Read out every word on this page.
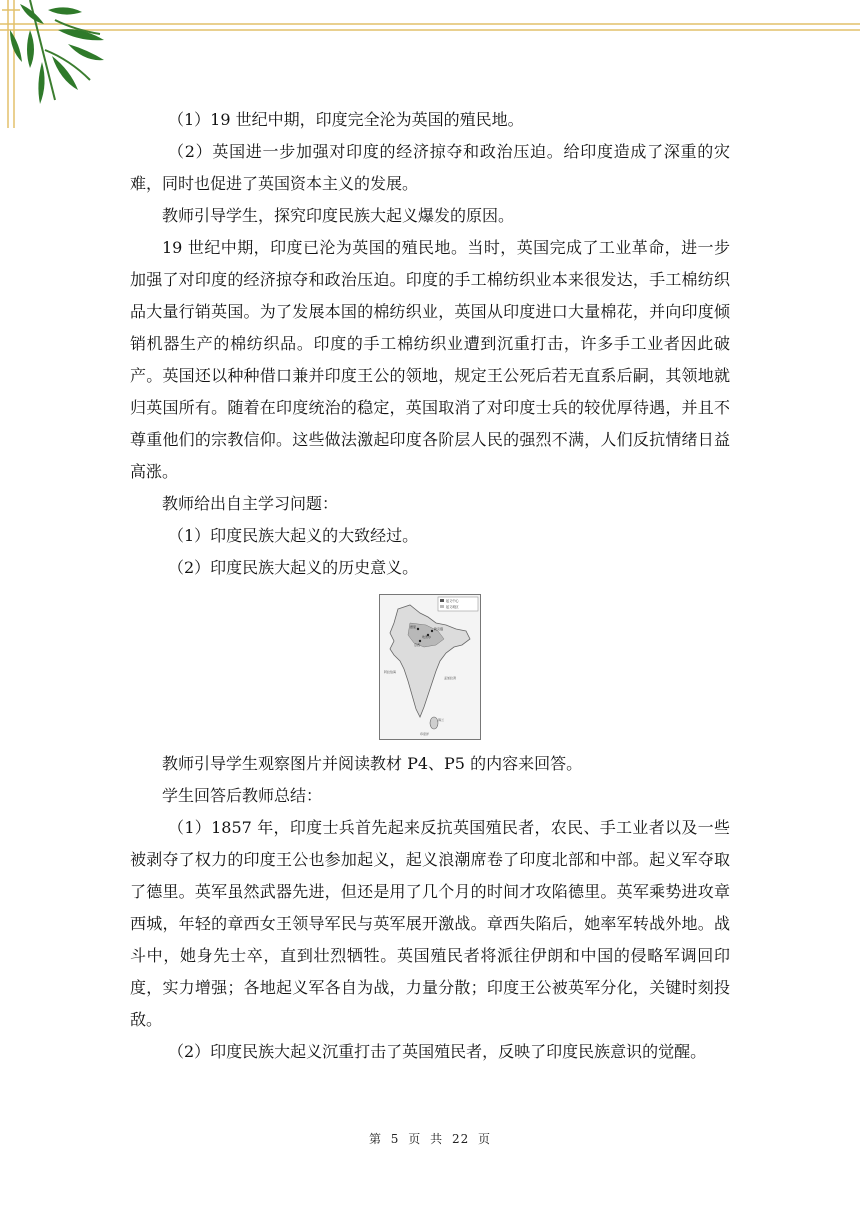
（1）19 世纪中期，印度完全沦为英国的殖民地。

（2）英国进一步加强对印度的经济掠夺和政治压迫。给印度造成了深重的灾难，同时也促进了英国资本主义的发展。

教师引导学生，探究印度民族大起义爆发的原因。

19 世纪中期，印度已沦为英国的殖民地。当时，英国完成了工业革命，进一步加强了对印度的经济掠夺和政治压迫。印度的手工棉纺织业本来很发达，手工棉纺织品大量行销英国。为了发展本国的棉纺织业，英国从印度进口大量棉花，并向印度倾销机器生产的棉纺织品。印度的手工棉纺织业遭到沉重打击，许多手工业者因此破产。英国还以种种借口兼并印度王公的领地，规定王公死后若无直系后嗣，其领地就归英国所有。随着在印度统治的稳定，英国取消了对印度士兵的较优厚待遇，并且不尊重他们的宗教信仰。这些做法激起印度各阶层人民的强烈不满，人们反抗情绪日益高涨。

教师给出自主学习问题：

（1）印度民族大起义的大致经过。

（2）印度民族大起义的历史意义。

起义中心
起义地区
德里	勒克瑙
坎普尔
章西
阿拉伯海
孟加拉湾
锡兰
印度洋

教师引导学生观察图片并阅读教材 P4、P5 的内容来回答。

学生回答后教师总结：

（1）1857 年，印度士兵首先起来反抗英国殖民者，农民、手工业者以及一些被剥夺了权力的印度王公也参加起义，起义浪潮席卷了印度北部和中部。起义军夺取了德里。英军虽然武器先进，但还是用了几个月的时间才攻陷德里。英军乘势进攻章西城，年轻的章西女王领导军民与英军展开激战。章西失陷后，她率军转战外地。战斗中，她身先士卒，直到壮烈牺牲。英国殖民者将派往伊朗和中国的侵略军调回印度，实力增强；各地起义军各自为战，力量分散；印度王公被英军分化，关键时刻投敌。

（2）印度民族大起义沉重打击了英国殖民者，反映了印度民族意识的觉醒。

第 5 页 共 22 页
